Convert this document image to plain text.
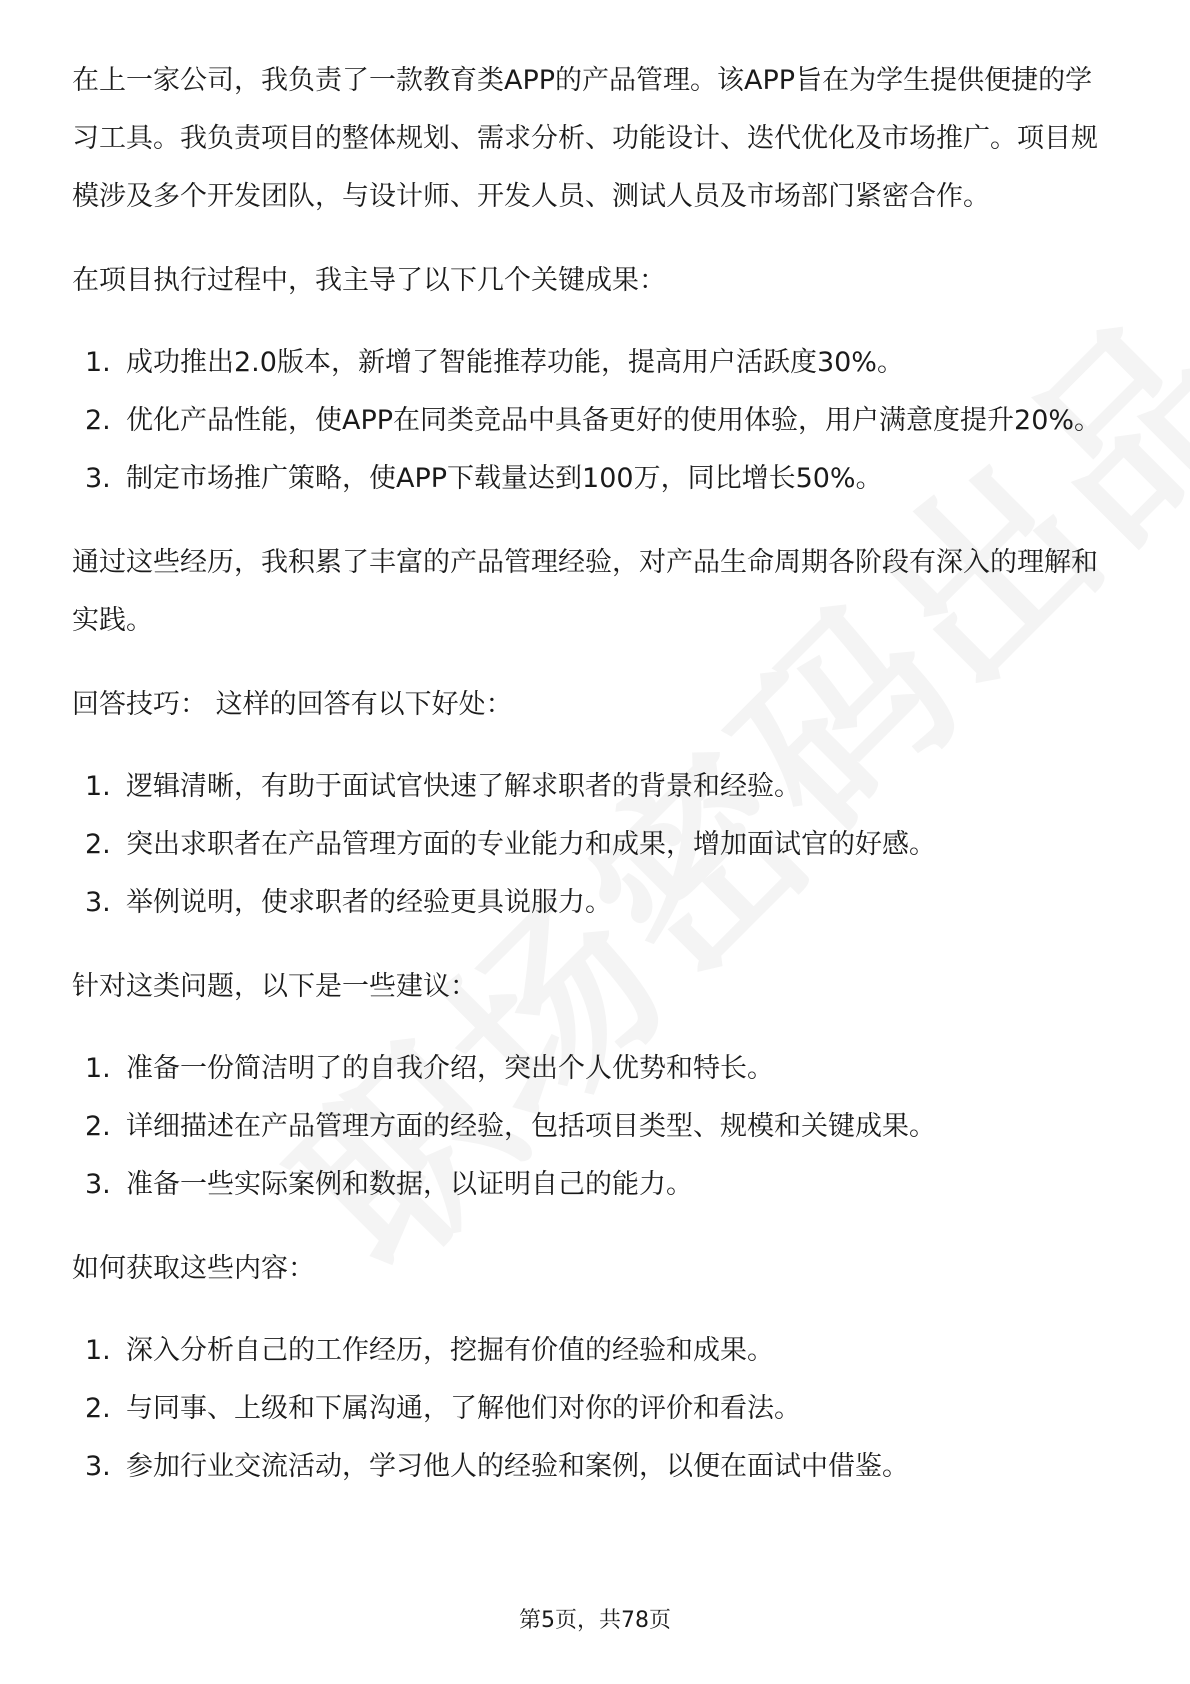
在上一家公司，我负责了一款教育类APP的产品管理。该APP旨在为学生提供便捷的学习工具。我负责项目的整体规划、需求分析、功能设计、迭代优化及市场推广。项目规模涉及多个开发团队，与设计师、开发人员、测试人员及市场部门紧密合作。

在项目执行过程中，我主导了以下几个关键成果：

1. 成功推出2.0版本，新增了智能推荐功能，提高用户活跃度30%。
2. 优化产品性能，使APP在同类竞品中具备更好的使用体验，用户满意度提升20%。
3. 制定市场推广策略，使APP下载量达到100万，同比增长50%。

通过这些经历，我积累了丰富的产品管理经验，对产品生命周期各阶段有深入的理解和实践。

回答技巧： 这样的回答有以下好处：

1. 逻辑清晰，有助于面试官快速了解求职者的背景和经验。
2. 突出求职者在产品管理方面的专业能力和成果，增加面试官的好感。
3. 举例说明，使求职者的经验更具说服力。

针对这类问题，以下是一些建议：

1. 准备一份简洁明了的自我介绍，突出个人优势和特长。
2. 详细描述在产品管理方面的经验，包括项目类型、规模和关键成果。
3. 准备一些实际案例和数据，以证明自己的能力。

如何获取这些内容：

1. 深入分析自己的工作经历，挖掘有价值的经验和成果。
2. 与同事、上级和下属沟通，了解他们对你的评价和看法。
3. 参加行业交流活动，学习他人的经验和案例，以便在面试中借鉴。
第5页，共78页
